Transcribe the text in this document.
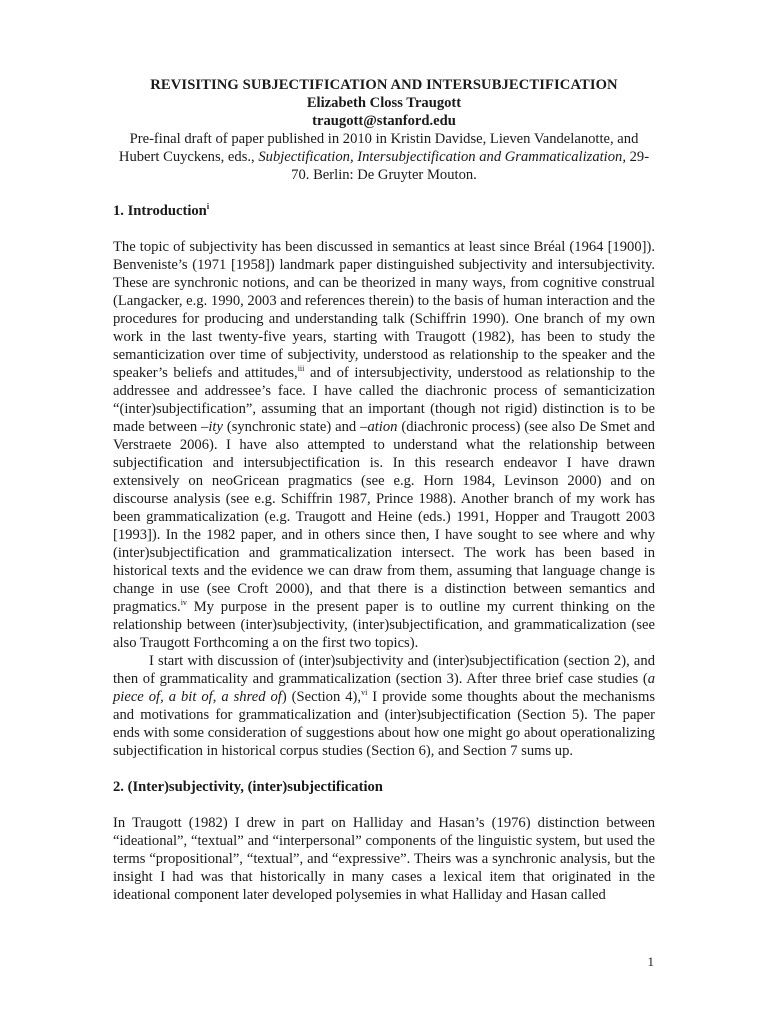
REVISITING SUBJECTIFICATION AND INTERSUBJECTIFICATION
Elizabeth Closs Traugott
traugott@stanford.edu
Pre-final draft of paper published in 2010 in Kristin Davidse, Lieven Vandelanotte, and Hubert Cuyckens, eds., Subjectification, Intersubjectification and Grammaticalization, 29-70. Berlin: De Gruyter Mouton.
1. Introduction$^i$

The topic of subjectivity has been discussed in semantics at least since Bréal (1964 [1900]). Benveniste’s (1971 [1958]) landmark paper distinguished subjectivity and intersubjectivity. These are synchronic notions, and can be theorized in many ways, from cognitive construal (Langacker, e.g. 1990, 2003 and references therein) to the basis of human interaction and the procedures for producing and understanding talk (Schiffrin 1990). One branch of my own work in the last twenty-five years, starting with Traugott (1982), has been to study the semanticization over time of subjectivity, understood as relationship to the speaker and the speaker’s beliefs and attitudes,$^{iii}$ and of intersubjectivity, understood as relationship to the addressee and addressee’s face. I have called the diachronic process of semanticization “(inter)subjectification”, assuming that an important (though not rigid) distinction is to be made between –ity (synchronic state) and –ation (diachronic process) (see also De Smet and Verstraete 2006). I have also attempted to understand what the relationship between subjectification and intersubjectification is. In this research endeavor I have drawn extensively on neoGricean pragmatics (see e.g. Horn 1984, Levinson 2000) and on discourse analysis (see e.g. Schiffrin 1987, Prince 1988). Another branch of my work has been grammaticalization (e.g. Traugott and Heine (eds.) 1991, Hopper and Traugott 2003 [1993]). In the 1982 paper, and in others since then, I have sought to see where and why (inter)subjectification and grammaticalization intersect. The work has been based in historical texts and the evidence we can draw from them, assuming that language change is change in use (see Croft 2000), and that there is a distinction between semantics and pragmatics.$^{iv}$ My purpose in the present paper is to outline my current thinking on the relationship between (inter)subjectivity, (inter)subjectification, and grammaticalization (see also Traugott Forthcoming a on the first two topics).

I start with discussion of (inter)subjectivity and (inter)subjectification (section 2), and then of grammaticality and grammaticalization (section 3). After three brief case studies (a piece of, a bit of, a shred of) (Section 4),$^{vi}$ I provide some thoughts about the mechanisms and motivations for grammaticalization and (inter)subjectification (Section 5). The paper ends with some consideration of suggestions about how one might go about operationalizing subjectification in historical corpus studies (Section 6), and Section 7 sums up.

2. (Inter)subjectivity, (inter)subjectification

In Traugott (1982) I drew in part on Halliday and Hasan’s (1976) distinction between “ideational”, “textual” and “interpersonal” components of the linguistic system, but used the terms “propositional”, “textual”, and “expressive”. Theirs was a synchronic analysis, but the insight I had was that historically in many cases a lexical item that originated in the ideational component later developed polysemies in what Halliday and Hasan called

1
